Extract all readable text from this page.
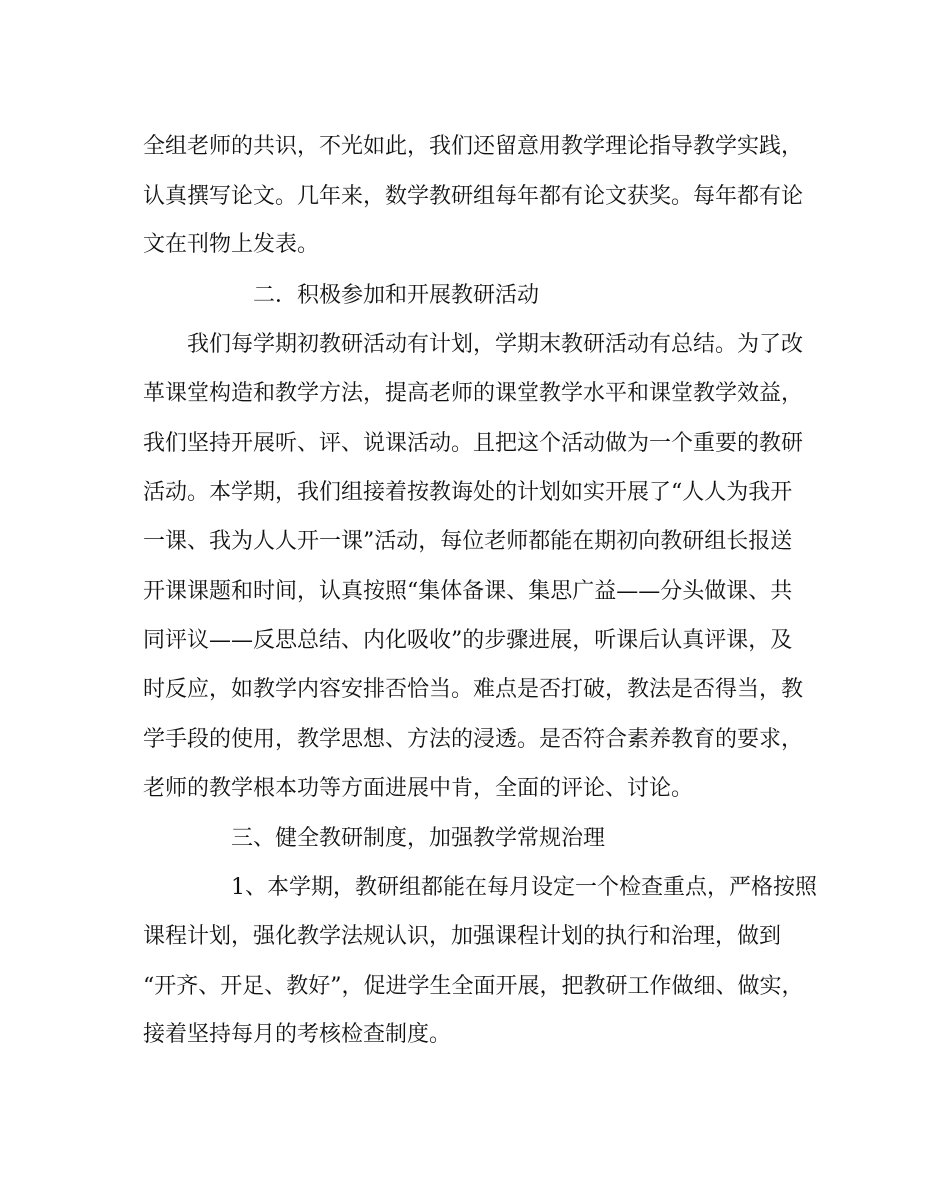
全组老师的共识，不光如此，我们还留意用教学理论指导教学实践，
认真撰写论文。几年来，数学教研组每年都有论文获奖。每年都有论
文在刊物上发表。
二．积极参加和开展教研活动
我们每学期初教研活动有计划，学期末教研活动有总结。为了改
革课堂构造和教学方法，提高老师的课堂教学水平和课堂教学效益，
我们坚持开展听、评、说课活动。且把这个活动做为一个重要的教研
活动。本学期，我们组接着按教诲处的计划如实开展了“人人为我开
一课、我为人人开一课”活动，每位老师都能在期初向教研组长报送
开课课题和时间，认真按照“集体备课、集思广益——分头做课、共
同评议——反思总结、内化吸收”的步骤进展，听课后认真评课，及
时反应，如教学内容安排否恰当。难点是否打破，教法是否得当，教
学手段的使用，教学思想、方法的浸透。是否符合素养教育的要求，
老师的教学根本功等方面进展中肯，全面的评论、讨论。
三、健全教研制度，加强教学常规治理
1、本学期，教研组都能在每月设定一个检查重点，严格按照
课程计划，强化教学法规认识，加强课程计划的执行和治理，做到
“开齐、开足、教好”，促进学生全面开展，把教研工作做细、做实，
接着坚持每月的考核检查制度。
